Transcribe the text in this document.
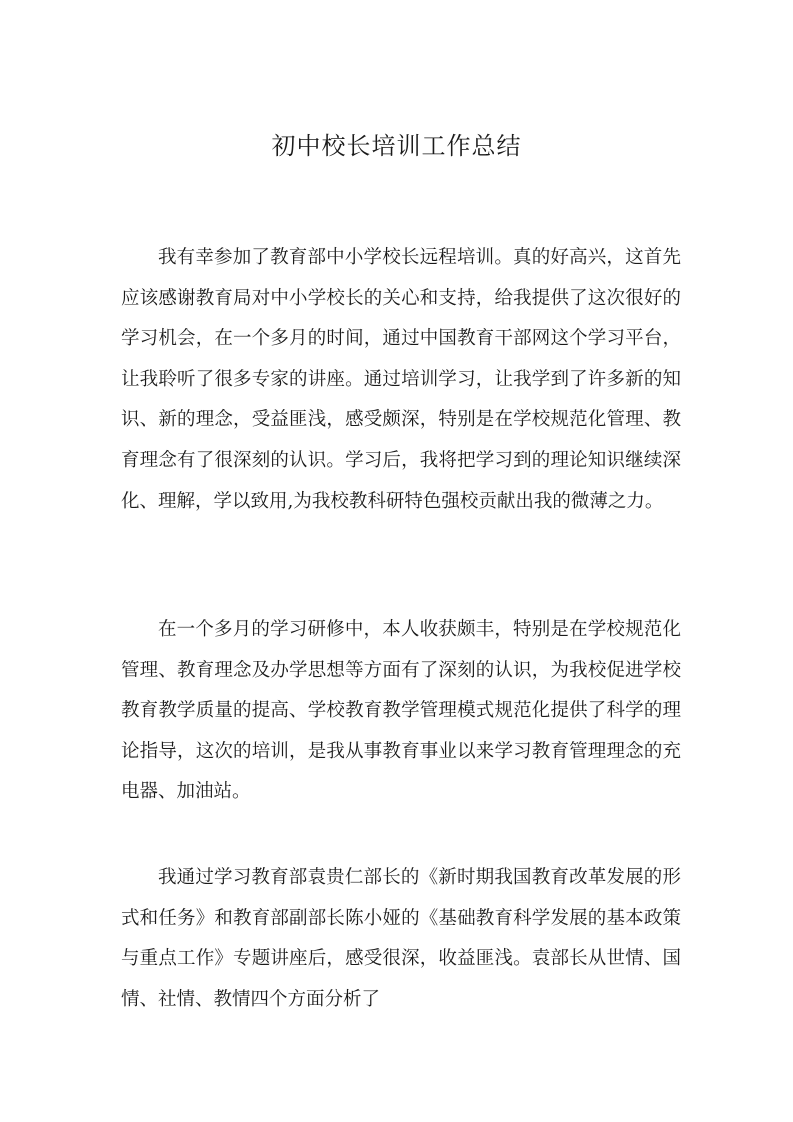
初中校长培训工作总结

我有幸参加了教育部中小学校长远程培训。真的好高兴，这首先应该感谢教育局对中小学校长的关心和支持，给我提供了这次很好的学习机会，在一个多月的时间，通过中国教育干部网这个学习平台，让我聆听了很多专家的讲座。通过培训学习，让我学到了许多新的知识、新的理念，受益匪浅，感受颇深，特别是在学校规范化管理、教育理念有了很深刻的认识。学习后，我将把学习到的理论知识继续深化、理解，学以致用,为我校教科研特色强校贡献出我的微薄之力。

在一个多月的学习研修中，本人收获颇丰，特别是在学校规范化管理、教育理念及办学思想等方面有了深刻的认识，为我校促进学校教育教学质量的提高、学校教育教学管理模式规范化提供了科学的理论指导，这次的培训，是我从事教育事业以来学习教育管理理念的充电器、加油站。

我通过学习教育部袁贵仁部长的《新时期我国教育改革发展的形式和任务》和教育部副部长陈小娅的《基础教育科学发展的基本政策与重点工作》专题讲座后，感受很深，收益匪浅。袁部长从世情、国情、社情、教情四个方面分析了
